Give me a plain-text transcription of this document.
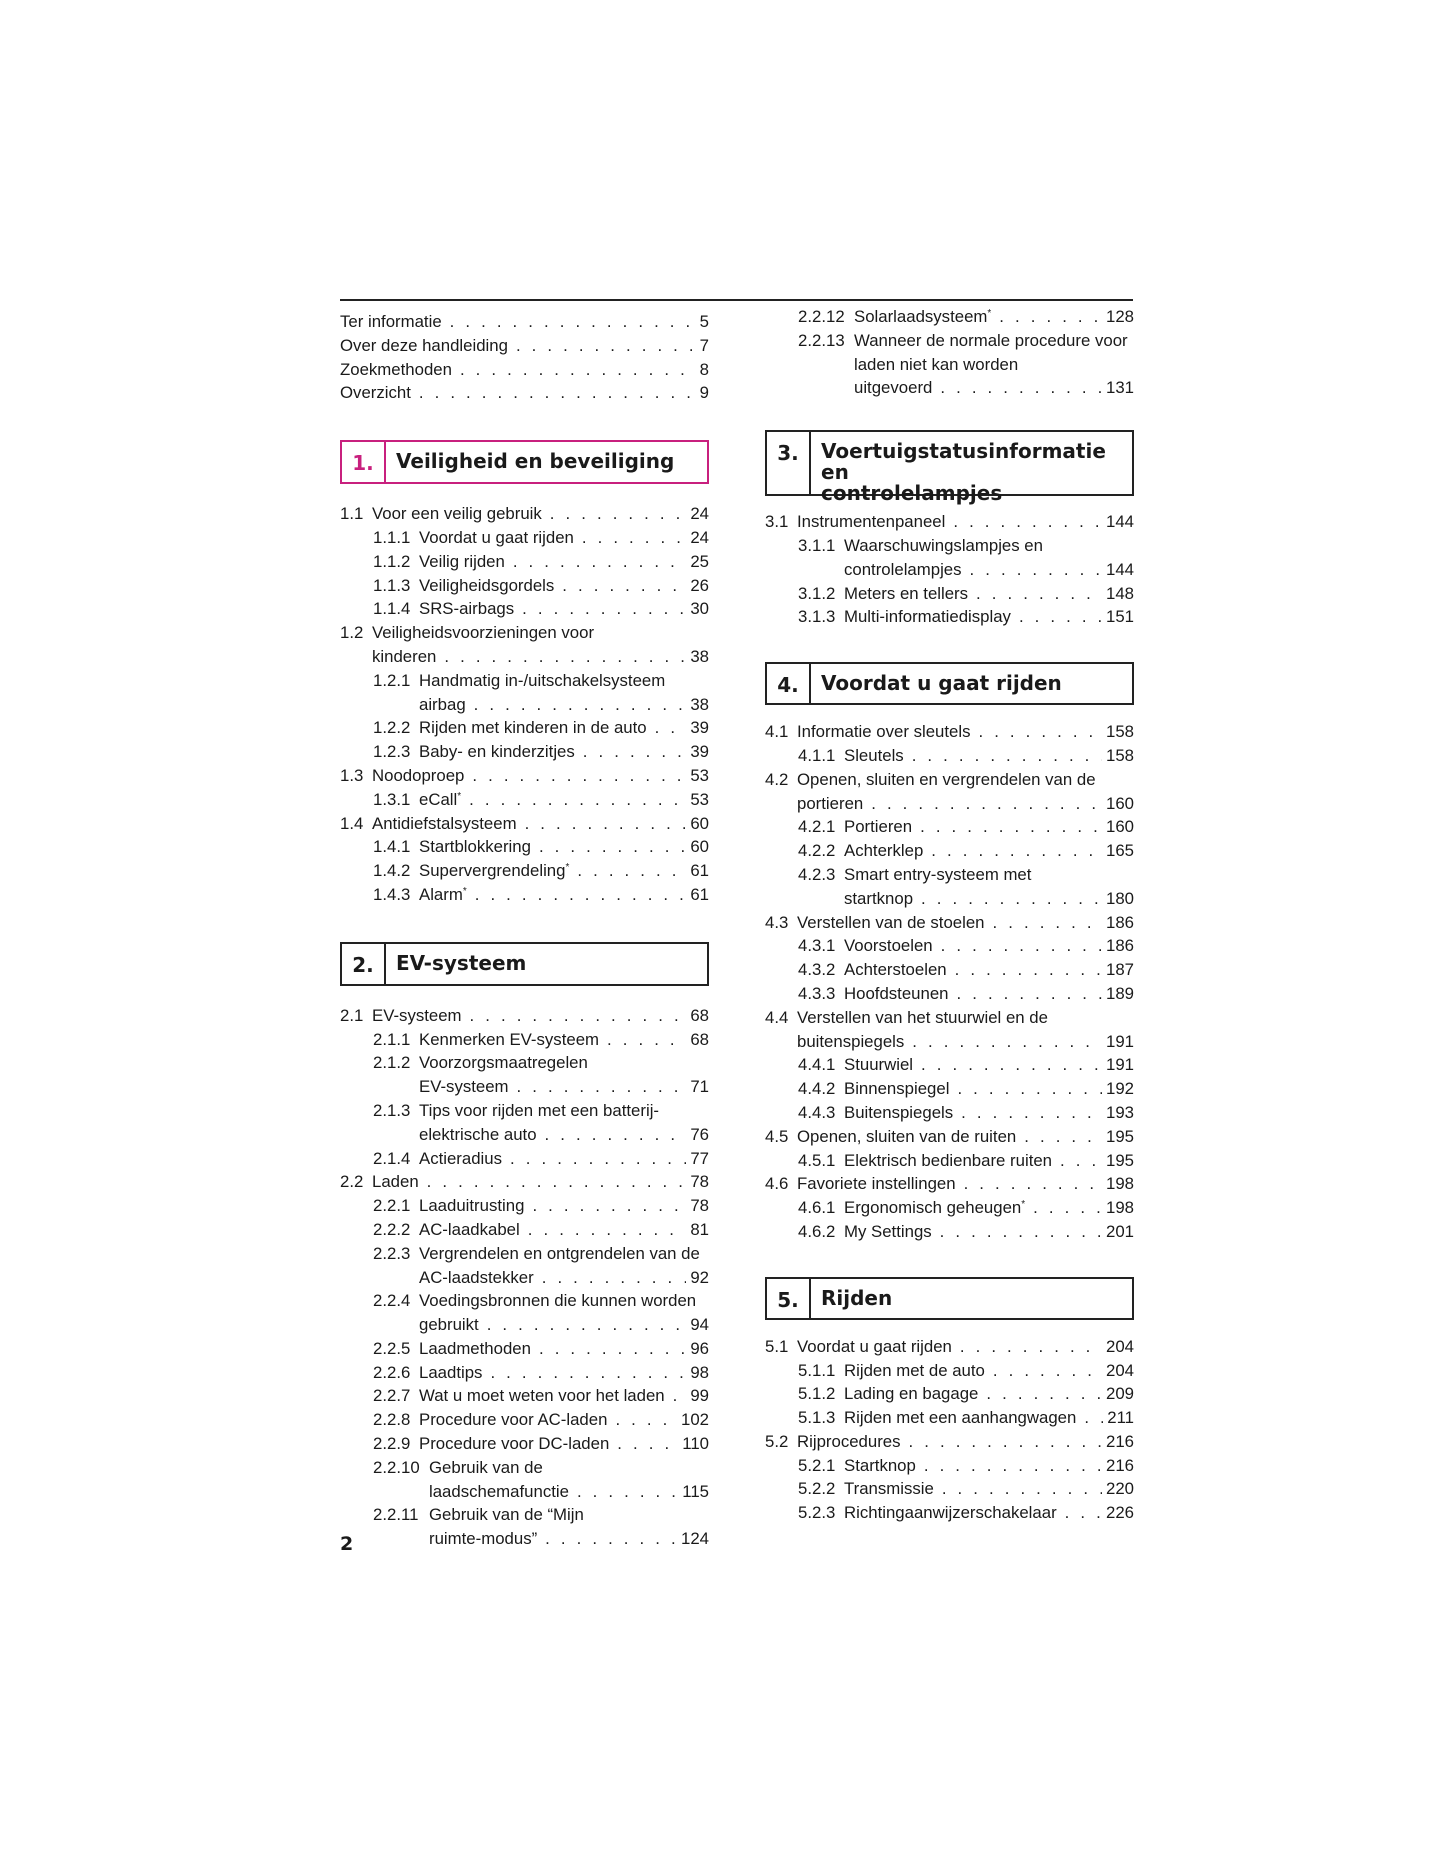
Ter informatie . . .	5
Over deze handleiding . . .	7
Zoekmethoden . . .	8
Overzicht . . .	9
1.	Veiligheid en beveiliging
1.1 Voor een veilig gebruik . . .	24
1.1.1 Voordat u gaat rijden . . .	24
1.1.2 Veilig rijden . . .	25
1.1.3 Veiligheidsgordels . . .	26
1.1.4 SRS-airbags . . .	30
1.2 Veiligheidsvoorzieningen voor
kinderen . . .	38
1.2.1 Handmatig in-/uitschakelsysteem
airbag . . .	38
1.2.2 Rijden met kinderen in de auto . . .	39
1.2.3 Baby- en kinderzitjes . . .	39
1.3 Noodoproep . . .	53
1.3.1 eCall* . . .	53
1.4 Antidiefstalsysteem . . .	60
1.4.1 Startblokkering . . .	60
1.4.2 Supervergrendeling* . . .	61
1.4.3 Alarm* . . .	61
2.	EV-systeem
2.1 EV-systeem . . .	68
2.1.1 Kenmerken EV-systeem . . .	68
2.1.2 Voorzorgsmaatregelen
EV-systeem . . .	71
2.1.3 Tips voor rijden met een batterij-
elektrische auto . . .	76
2.1.4 Actieradius . . .	77
2.2 Laden . . .	78
2.2.1 Laaduitrusting . . .	78
2.2.2 AC-laadkabel . . .	81
2.2.3 Vergrendelen en ontgrendelen van de
AC-laadstekker . . .	92
2.2.4 Voedingsbronnen die kunnen worden
gebruikt . . .	94
2.2.5 Laadmethoden . . .	96
2.2.6 Laadtips . . .	98
2.2.7 Wat u moet weten voor het laden . . . 99
2.2.8 Procedure voor AC-laden . . .	102
2.2.9 Procedure voor DC-laden . . .	110
2.2.10 Gebruik van de
laadschemafunctie . . .	115
2.2.11 Gebruik van de “Mijn
ruimte-modus” . . .	124
2.2.12 Solarlaadsysteem* . . .	128
2.2.13 Wanneer de normale procedure voor
laden niet kan worden
uitgevoerd . . .	131
3.	Voertuigstatusinformatie en
controlelampjes
3.1 Instrumentenpaneel . . .	144
3.1.1 Waarschuwingslampjes en
controlelampjes . . .	144
3.1.2 Meters en tellers . . .	148
3.1.3 Multi-informatiedisplay . . .	151
4.	Voordat u gaat rijden
4.1 Informatie over sleutels . . .	158
4.1.1 Sleutels . . .	158
4.2 Openen, sluiten en vergrendelen van de
portieren . . .	160
4.2.1 Portieren . . .	160
4.2.2 Achterklep . . .	165
4.2.3 Smart entry-systeem met
startknop . . .	180
4.3 Verstellen van de stoelen . . .	186
4.3.1 Voorstoelen . . .	186
4.3.2 Achterstoelen . . .	187
4.3.3 Hoofdsteunen . . .	189
4.4 Verstellen van het stuurwiel en de
buitenspiegels . . .	191
4.4.1 Stuurwiel . . .	191
4.4.2 Binnenspiegel . . .	192
4.4.3 Buitenspiegels . . .	193
4.5 Openen, sluiten van de ruiten . . .	195
4.5.1 Elektrisch bedienbare ruiten . . .	195
4.6 Favoriete instellingen . . .	198
4.6.1 Ergonomisch geheugen* . . .	198
4.6.2 My Settings . . .	201
5.	Rijden
5.1 Voordat u gaat rijden . . .	204
5.1.1 Rijden met de auto . . .	204
5.1.2 Lading en bagage . . .	209
5.1.3 Rijden met een aanhangwagen . . . 211
5.2 Rijprocedures . . .	216
5.2.1 Startknop . . .	216
5.2.2 Transmissie . . .	220
5.2.3 Richtingaanwijzerschakelaar . . .	226
2
